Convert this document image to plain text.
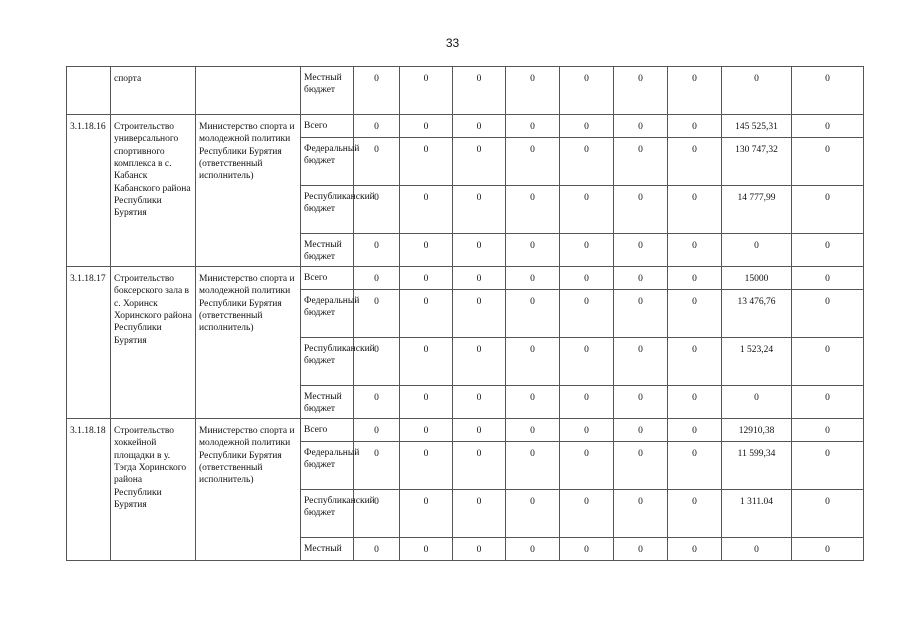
33
	спорта		Местный бюджет	0	0	0	0	0	0	0	0	0
3.1.18.16	Строительство универсального спортивного комплекса в с. Кабанск Кабанского района Республики Бурятия	Министерство спорта и молодежной политики Республики Бурятия (ответственный исполнитель)	Всего	0	0	0	0	0	0	0	145 525,31	0
			Федеральный бюджет	0	0	0	0	0	0	0	130 747,32	0
			Республиканский бюджет	0	0	0	0	0	0	0	14 777,99	0
			Местный бюджет	0	0	0	0	0	0	0	0	0
3.1.18.17	Строительство боксерского зала в с. Хоринск Хоринского района Республики Бурятия	Министерство спорта и молодежной политики Республики Бурятия (ответственный исполнитель)	Всего	0	0	0	0	0	0	0	15000	0
			Федеральный бюджет	0	0	0	0	0	0	0	13 476,76	0
			Республиканский бюджет	0	0	0	0	0	0	0	1 523,24	0
			Местный бюджет	0	0	0	0	0	0	0	0	0
3.1.18.18	Строительство хоккейной площадки в у. Тэгда Хоринского района Республики Бурятия	Министерство спорта и молодежной политики Республики Бурятия (ответственный исполнитель)	Всего	0	0	0	0	0	0	0	12910,38	0
			Федеральный бюджет	0	0	0	0	0	0	0	11 599,34	0
			Республиканский бюджет	0	0	0	0	0	0	0	1 311.04	0
			Местный	0	0	0	0	0	0	0	0	0
